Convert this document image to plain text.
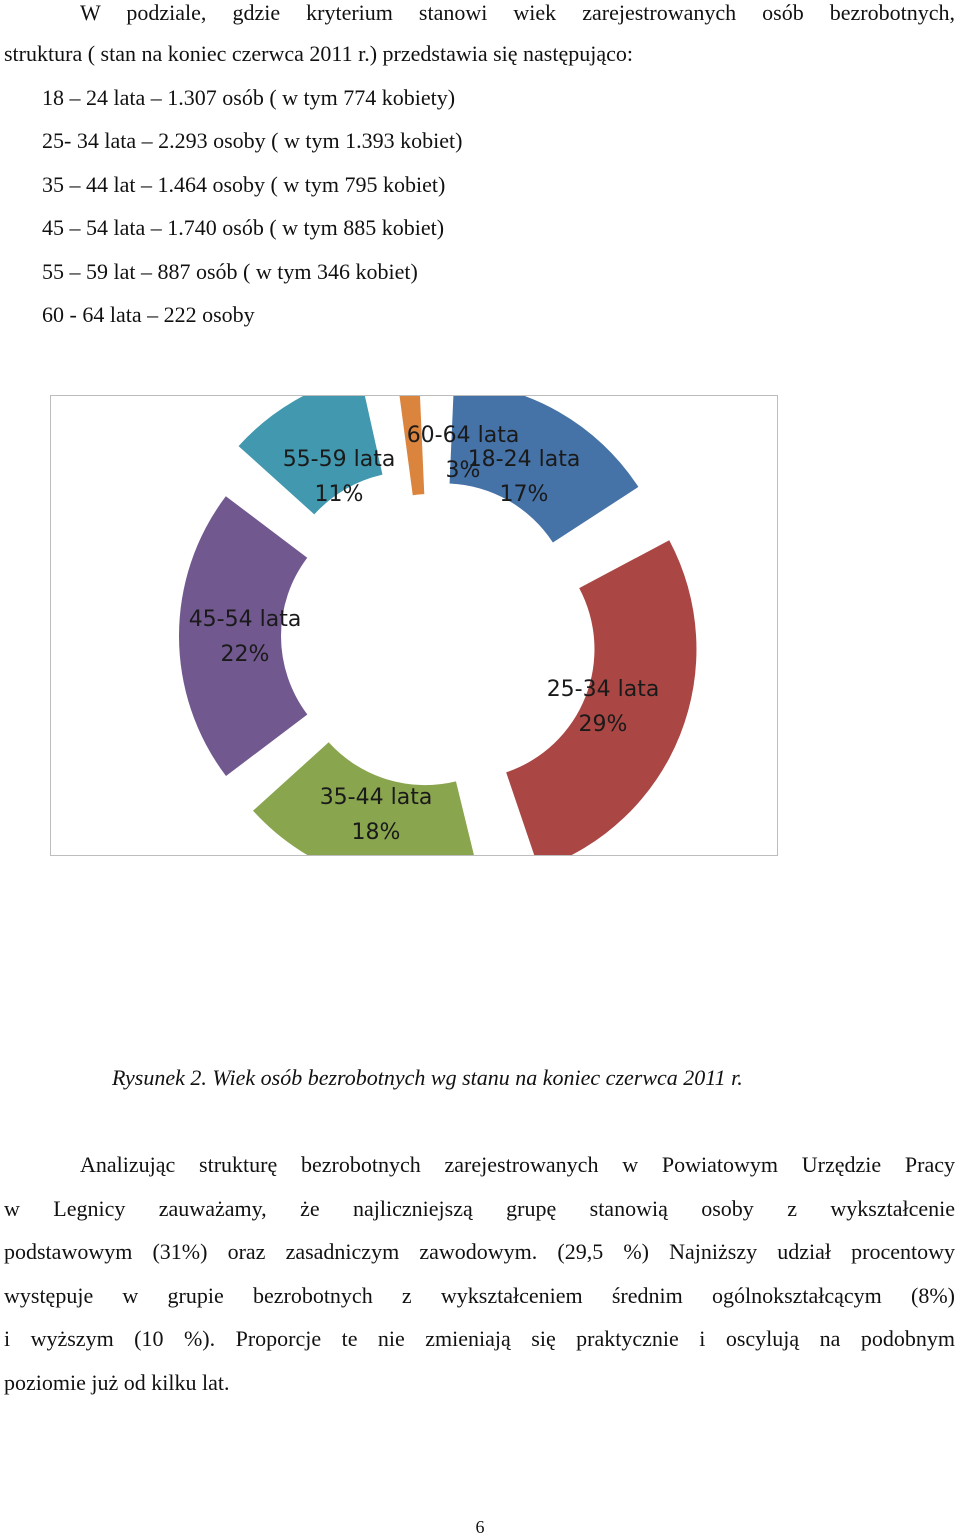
W podziale, gdzie kryterium stanowi wiek zarejestrowanych osób bezrobotnych,
struktura ( stan na koniec czerwca 2011 r.) przedstawia się następująco:
18 – 24 lata – 1.307 osób ( w tym 774 kobiety)
25- 34 lata – 2.293 osoby ( w tym 1.393 kobiet)
35 – 44 lat – 1.464 osoby ( w tym 795 kobiet)
45 – 54 lata – 1.740 osób ( w tym 885 kobiet)
55 – 59 lat – 887 osób ( w tym 346 kobiet)
60 - 64 lata – 222 osoby
18-24 lata
17%
25-34 lata
29%
35-44 lata
18%
45-54 lata
22%
55-59 lata
11%
60-64 lata
3%
Rysunek 2. Wiek osób bezrobotnych wg stanu na koniec czerwca 2011 r.
Analizując strukturę bezrobotnych zarejestrowanych w Powiatowym Urzędzie Pracy
w Legnicy zauważamy, że najliczniejszą grupę stanowią osoby z wykształcenie
podstawowym (31%) oraz zasadniczym zawodowym. (29,5 %) Najniższy udział procentowy
występuje w grupie bezrobotnych z wykształceniem średnim ogólnokształcącym (8%)
i wyższym (10 %). Proporcje te nie zmieniają się praktycznie i oscylują na podobnym
poziomie już od kilku lat.
6
